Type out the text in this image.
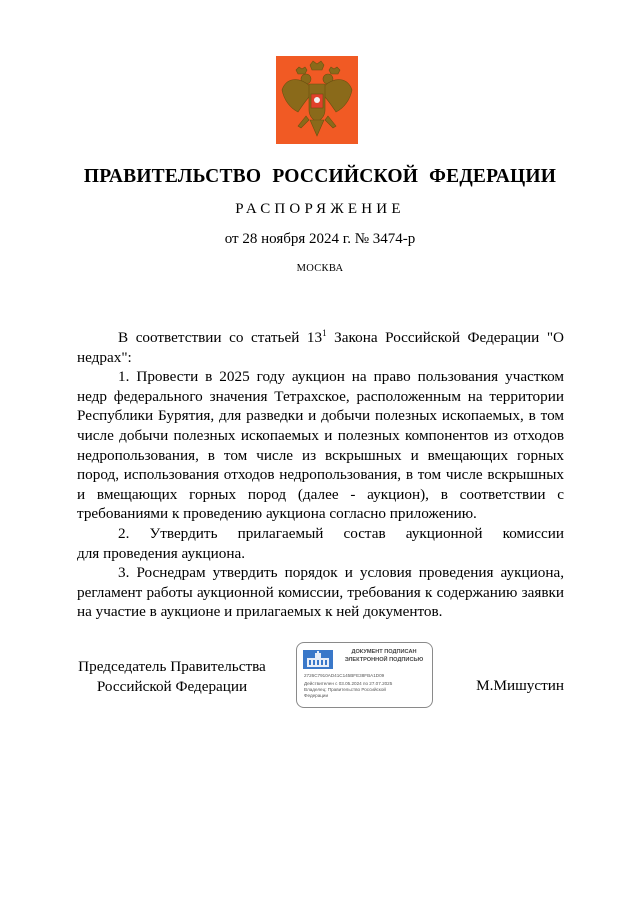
ПРАВИТЕЛЬСТВО РОССИЙСКОЙ ФЕДЕРАЦИИ
РАСПОРЯЖЕНИЕ
от 28 ноября 2024 г. № 3474-р
МОСКВА

В соответствии со статьей $13^1$ Закона Российской Федерации "О недрах":

1. Провести в 2025 году аукцион на право пользования участком недр федерального значения Тетрахское, расположенным на территории Республики Бурятия, для разведки и добычи полезных ископаемых, в том числе добычи полезных ископаемых и полезных компонентов из отходов недропользования, в том числе из вскрышных и вмещающих горных пород, использования отходов недропользования, в том числе вскрышных и вмещающих горных пород (далее - аукцион), в соответствии с требованиями к проведению аукциона согласно приложению.

2. Утвердить прилагаемый состав аукционной комиссии

для проведения аукциона.

3. Роснедрам утвердить порядок и условия проведения аукциона, регламент работы аукционной комиссии, требования к содержанию заявки на участие в аукционе и прилагаемых к ней документов.

Председатель Правительства
Российской Федерации
ДОКУМЕНТ ПОДПИСАН
ЭЛЕКТРОННОЙ ПОДПИСЬЮ
2726C7910AD41C145BFE38FBA1D09
Действителен с 03.05.2024 по 27.07.2025
Владелец: Правительство Российской
Федерации
М.Мишустин
